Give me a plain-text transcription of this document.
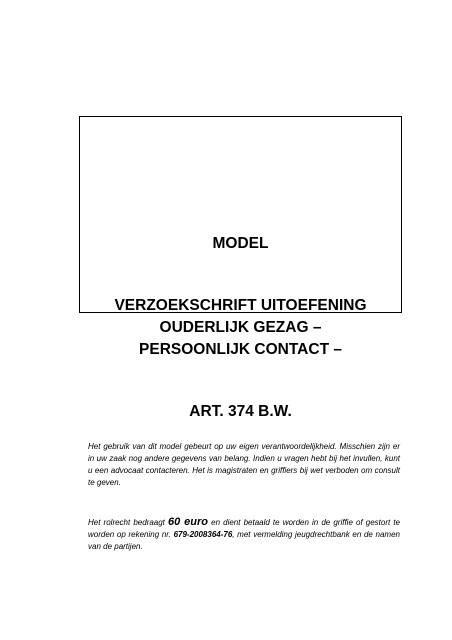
MODEL
VERZOEKSCHRIFT UITOEFENING
OUDERLIJK GEZAG –
PERSOONLIJK CONTACT –
ART. 374 B.W.
Het gebruik van dit model gebeurt op uw eigen verantwoordelijkheid. Misschien zijn er in uw zaak nog andere gegevens van belang. Indien u vragen hebt bij het invullen, kunt u een advocaat contacteren. Het is magistraten en griffiers bij wet verboden om consult te geven.
Het rolrecht bedraagt 60 euro en dient betaald te worden in de griffie of gestort te worden op rekening nr. 679-2008364-76, met vermelding jeugdrechtbank en de namen van de partijen.
